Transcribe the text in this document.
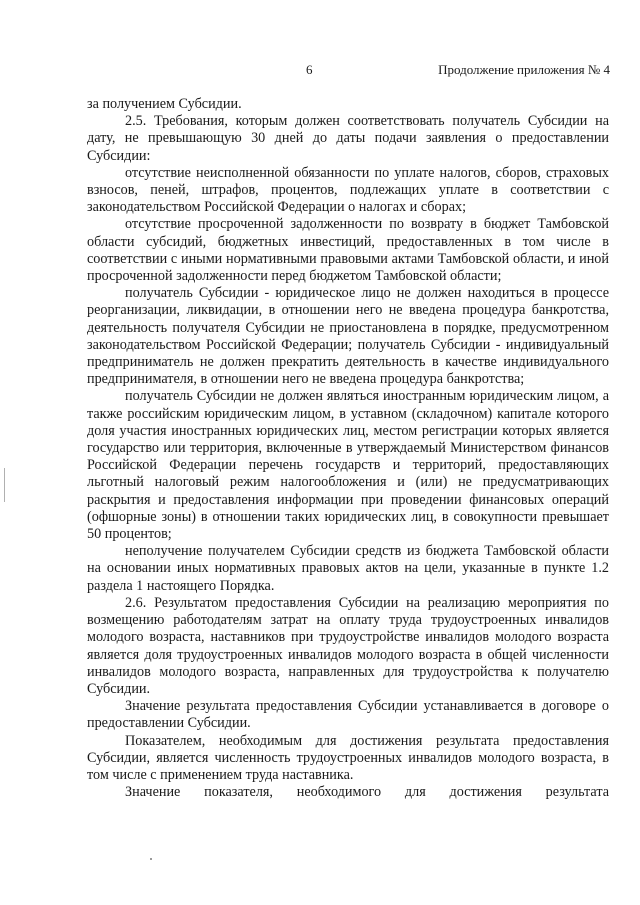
6	Продолжение приложения № 4

за получением Субсидии.

2.5. Требования, которым должен соответствовать получатель Субсидии на дату, не превышающую 30 дней до даты подачи заявления о предоставлении Субсидии:

отсутствие неисполненной обязанности по уплате налогов, сборов, страховых взносов, пеней, штрафов, процентов, подлежащих уплате в соответствии с законодательством Российской Федерации о налогах и сборах;

отсутствие просроченной задолженности по возврату в бюджет Тамбовской области субсидий, бюджетных инвестиций, предоставленных в том числе в соответствии с иными нормативными правовыми актами Тамбовской области, и иной просроченной задолженности перед бюджетом Тамбовской области;

получатель Субсидии - юридическое лицо не должен находиться в процессе реорганизации, ликвидации, в отношении него не введена процедура банкротства, деятельность получателя Субсидии не приостановлена в порядке, предусмотренном законодательством Российской Федерации; получатель Субсидии - индивидуальный предприниматель не должен прекратить деятельность в качестве индивидуального предпринимателя, в отношении него не введена процедура банкротства;

получатель Субсидии не должен являться иностранным юридическим лицом, а также российским юридическим лицом, в уставном (складочном) капитале которого доля участия иностранных юридических лиц, местом регистрации которых является государство или территория, включенные в утверждаемый Министерством финансов Российской Федерации перечень государств и территорий, предоставляющих льготный налоговый режим налогообложения и (или) не предусматривающих раскрытия и предоставления информации при проведении финансовых операций (офшорные зоны) в отношении таких юридических лиц, в совокупности превышает 50 процентов;

неполучение получателем Субсидии средств из бюджета Тамбовской области на основании иных нормативных правовых актов на цели, указанные в пункте 1.2 раздела 1 настоящего Порядка.

2.6. Результатом предоставления Субсидии на реализацию мероприятия по возмещению работодателям затрат на оплату труда трудоустроенных инвалидов молодого возраста, наставников при трудоустройстве инвалидов молодого возраста является доля трудоустроенных инвалидов молодого возраста в общей численности инвалидов молодого возраста, направленных для трудоустройства к получателю Субсидии.

Значение результата предоставления Субсидии устанавливается в договоре о предоставлении Субсидии.

Показателем, необходимым для достижения результата предоставления Субсидии, является численность трудоустроенных инвалидов молодого возраста, в том числе с применением труда наставника.

Значение показателя, необходимого для достижения результата
